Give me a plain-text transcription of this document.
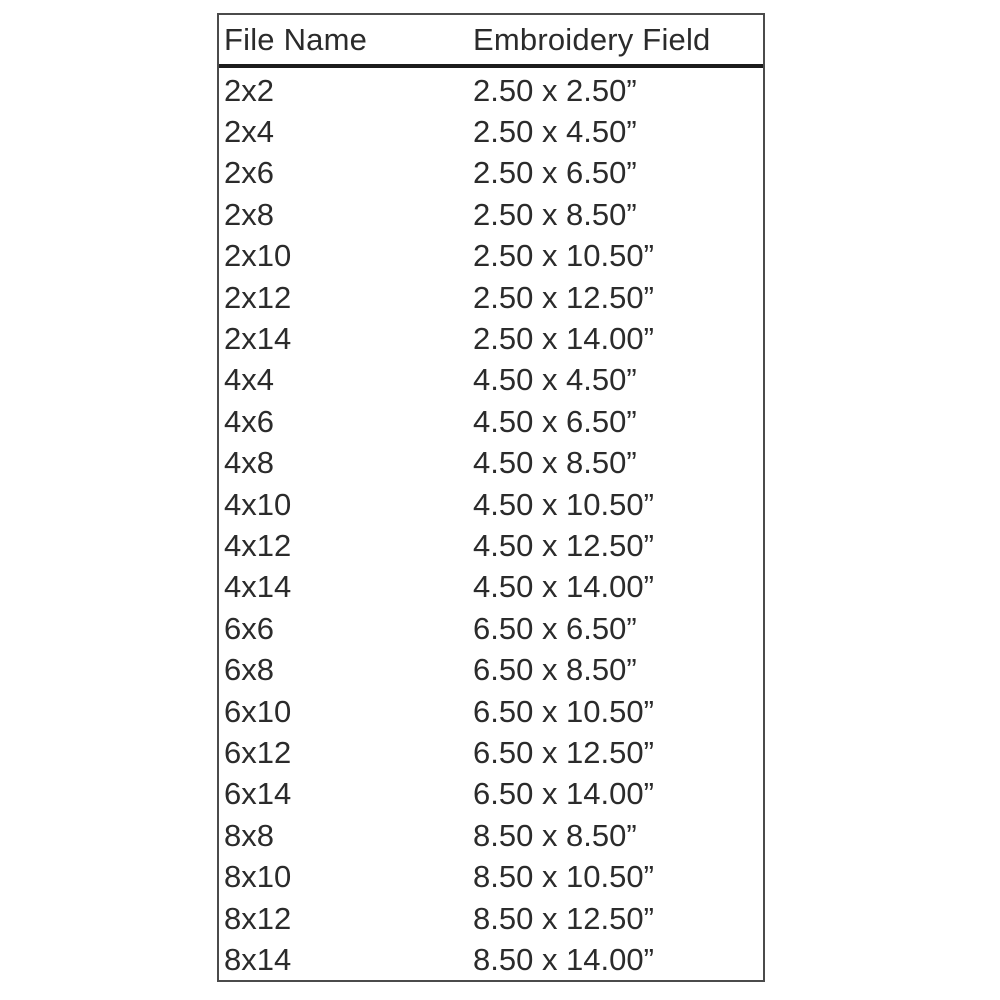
File Name	Embroidery Field
2x2	2.50 x 2.50”
2x4	2.50 x 4.50”
2x6	2.50 x 6.50”
2x8	2.50 x 8.50”
2x10	2.50 x 10.50”
2x12	2.50 x 12.50”
2x14	2.50 x 14.00”
4x4	4.50 x 4.50”
4x6	4.50 x 6.50”
4x8	4.50 x 8.50”
4x10	4.50 x 10.50”
4x12	4.50 x 12.50”
4x14	4.50 x 14.00”
6x6	6.50 x 6.50”
6x8	6.50 x 8.50”
6x10	6.50 x 10.50”
6x12	6.50 x 12.50”
6x14	6.50 x 14.00”
8x8	8.50 x 8.50”
8x10	8.50 x 10.50”
8x12	8.50 x 12.50”
8x14	8.50 x 14.00”
